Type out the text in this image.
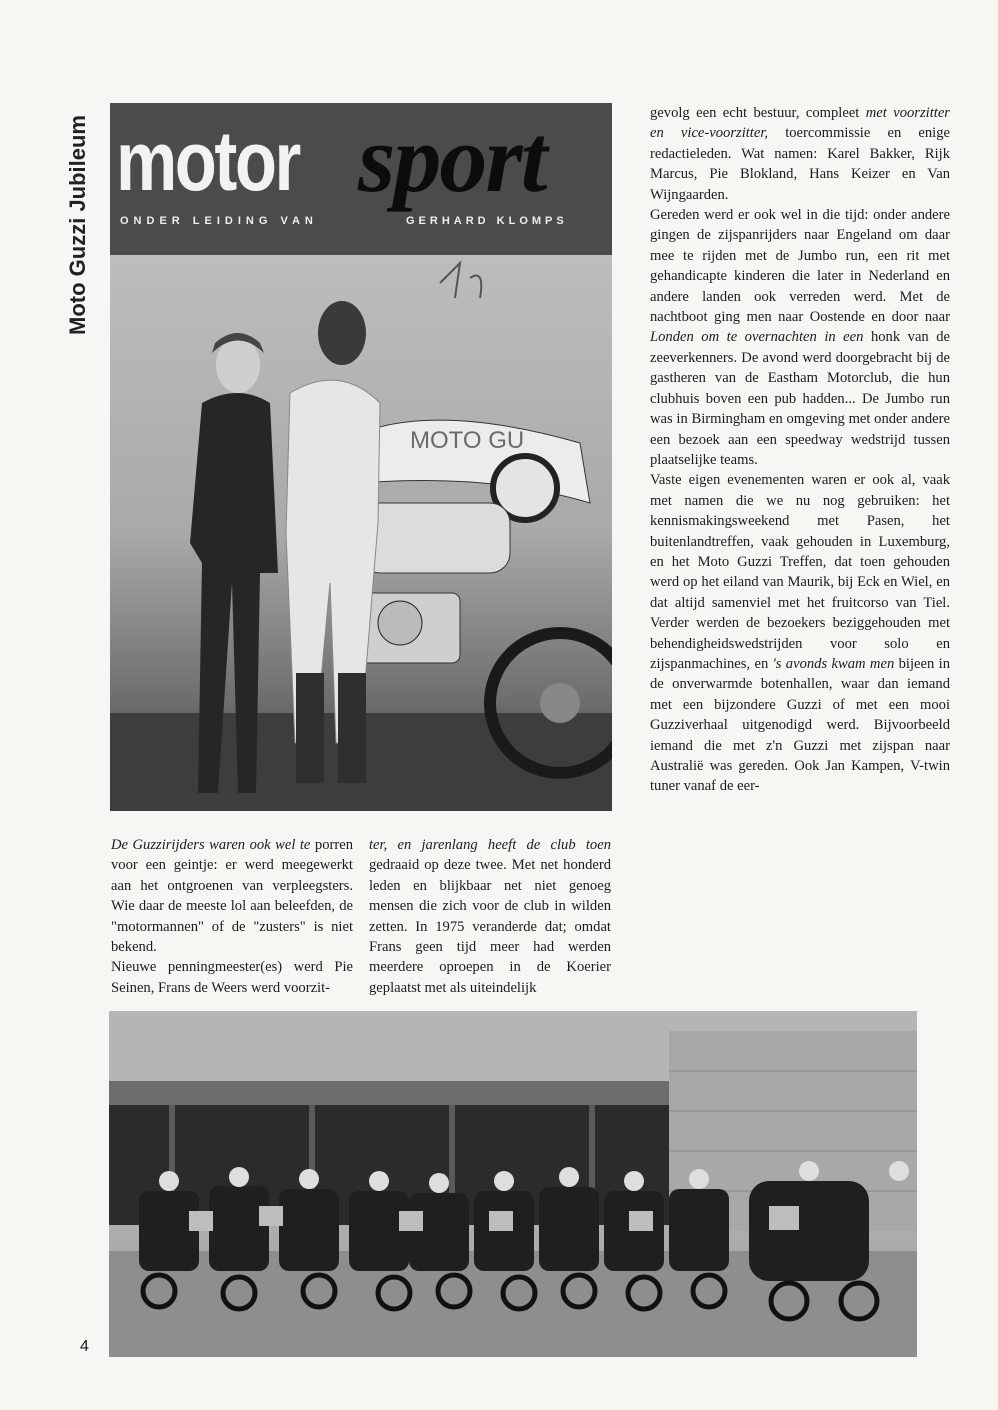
Moto Guzzi Jubileum motor sport
ONDER LEIDING VAN	GERHARD KLOMPS
MOTO GU

gevolg een echt bestuur, compleet met voorzitter en vice-voorzitter, toercommissie en enige redactieleden. Wat namen: Karel Bakker, Rijk Marcus, Pie Blokland, Hans Keizer en Van Wijngaarden.

Gereden werd er ook wel in die tijd: onder andere gingen de zijspanrijders naar Engeland om daar mee te rijden met de Jumbo run, een rit met gehandicapte kinderen die later in Nederland en andere landen ook verreden werd. Met de nachtboot ging men naar Oostende en door naar Londen om te overnachten in een honk van de zeeverkenners. De avond werd doorgebracht bij de gastheren van de Eastham Motorclub, die hun clubhuis boven een pub hadden... De Jumbo run was in Birmingham en omgeving met onder andere een bezoek aan een speedway wedstrijd tussen plaatselijke teams.

Vaste eigen evenementen waren er ook al, vaak met namen die we nu nog gebruiken: het kennismakingsweekend met Pasen, het buitenlandtreffen, vaak gehouden in Luxemburg, en het Moto Guzzi Treffen, dat toen gehouden werd op het eiland van Maurik, bij Eck en Wiel, en dat altijd samenviel met het fruitcorso van Tiel. Verder werden de bezoekers beziggehouden met behendigheidswedstrijden voor solo en zijspanmachines, en 's avonds kwam men bijeen in de onverwarmde botenhallen, waar dan iemand met een bijzondere Guzzi of met een mooi Guzziverhaal uitgenodigd werd. Bijvoorbeeld iemand die met z'n Guzzi met zijspan naar Australië was gereden. Ook Jan Kampen, V-twin tuner vanaf de eer-

De Guzzirijders waren ook wel te porren voor een geintje: er werd meegewerkt aan het ontgroenen van verpleegsters. Wie daar de meeste lol aan beleefden, de "motormannen" of de "zusters" is niet bekend.

Nieuwe penningmeester(es) werd Pie Seinen, Frans de Weers werd voorzit-

ter, en jarenlang heeft de club toen gedraaid op deze twee. Met net honderd leden en blijkbaar net niet genoeg mensen die zich voor de club in wilden zetten. In 1975 veranderde dat; omdat Frans geen tijd meer had werden meerdere oproepen in de Koerier geplaatst met als uiteindelijk

4
